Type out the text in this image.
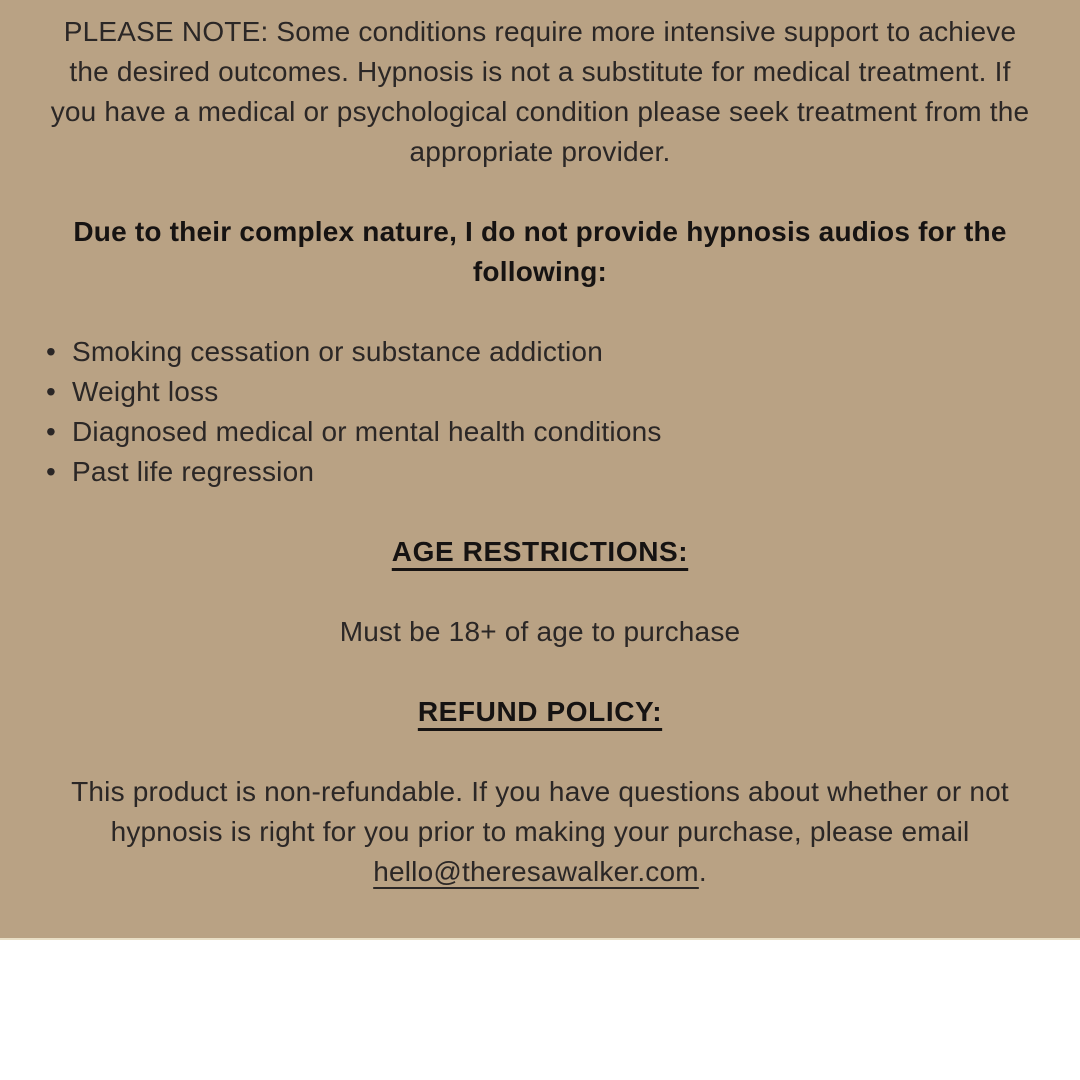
PLEASE NOTE: Some conditions require more intensive support to achieve the desired outcomes. Hypnosis is not a substitute for medical treatment. If you have a medical or psychological condition please seek treatment from the appropriate provider.

Due to their complex nature, I do not provide hypnosis audios for the following:
• Smoking cessation or substance addiction
• Weight loss
• Diagnosed medical or mental health conditions
• Past life regression
AGE RESTRICTIONS:

Must be 18+ of age to purchase

REFUND POLICY:

This product is non-refundable. If you have questions about whether or not hypnosis is right for you prior to making your purchase, please email hello@theresawalker.com.
